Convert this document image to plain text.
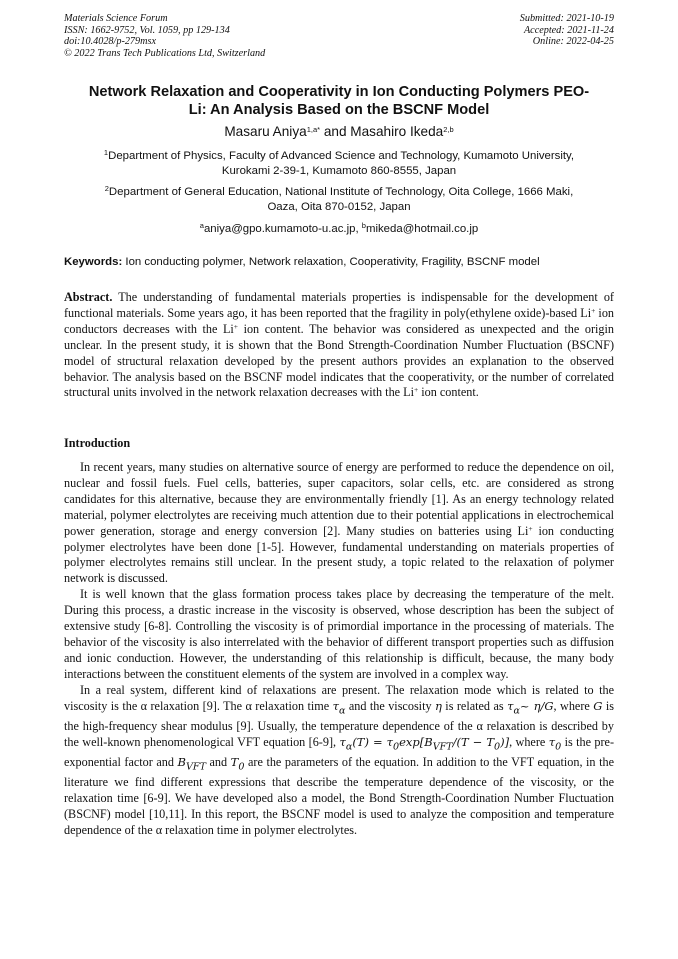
Materials Science Forum
ISSN: 1662-9752, Vol. 1059, pp 129-134
doi:10.4028/p-279msx
© 2022 Trans Tech Publications Ltd, Switzerland
Submitted: 2021-10-19
Accepted: 2021-11-24
Online: 2022-04-25
Network Relaxation and Cooperativity in Ion Conducting Polymers PEO-
Li: An Analysis Based on the BSCNF Model
Masaru Aniya$^{1,a*}$ and Masahiro Ikeda$^{2,b}$
$^1$Department of Physics, Faculty of Advanced Science and Technology, Kumamoto University,
Kurokami 2-39-1, Kumamoto 860-8555, Japan
$^2$Department of General Education, National Institute of Technology, Oita College, 1666 Maki,
Oaza, Oita 870-0152, Japan
$^a$aniya@gpo.kumamoto-u.ac.jp, $^b$mikeda@hotmail.co.jp
Keywords: Ion conducting polymer, Network relaxation, Cooperativity, Fragility, BSCNF model
Abstract. The understanding of fundamental materials properties is indispensable for the development of functional materials. Some years ago, it has been reported that the fragility in poly(ethylene oxide)-based Li+ ion conductors decreases with the Li+ ion content. The behavior was considered as unexpected and the origin unclear. In the present study, it is shown that the Bond Strength-Coordination Number Fluctuation (BSCNF) model of structural relaxation developed by the present authors provides an explanation to the observed behavior. The analysis based on the BSCNF model indicates that the cooperativity, or the number of correlated structural units involved in the network relaxation decreases with the Li+ ion content.
Introduction

In recent years, many studies on alternative source of energy are performed to reduce the dependence on oil, nuclear and fossil fuels. Fuel cells, batteries, super capacitors, solar cells, etc. are considered as strong candidates for this alternative, because they are environmentally friendly [1]. As an energy technology related material, polymer electrolytes are receiving much attention due to their potential applications in electrochemical power generation, storage and energy conversion [2]. Many studies on batteries using Li+ ion conducting polymer electrolytes have been done [1-5]. However, fundamental understanding on materials properties of polymer electrolytes remains still unclear. In the present study, a topic related to the relaxation of polymer network is discussed.

It is well known that the glass formation process takes place by decreasing the temperature of the melt. During this process, a drastic increase in the viscosity is observed, whose description has been the subject of extensive study [6-8]. Controlling the viscosity is of primordial importance in the processing of materials. The behavior of the viscosity is also interrelated with the behavior of different transport properties such as diffusion and ionic conduction. However, the understanding of this relationship is difficult, because, the many body interactions between the constituent elements of the system are involved in a complex way.

In a real system, different kind of relaxations are present. The relaxation mode which is related to the viscosity is the α relaxation [9]. The α relaxation time $\tau_\alpha$ and the viscosity η is related as $\tau_\alpha\sim$ η/G, where G is the high-frequency shear modulus [9]. Usually, the temperature dependence of the α relaxation is described by the well-known phenomenological VFT equation [6-9], $\tau_\alpha(T) = \tau_0\exp[B_{VFT}/(T - T_0)]$, where $\tau_0$ is the pre-exponential factor and $B_{VFT}$ and $T_0$ are the parameters of the equation. In addition to the VFT equation, in the literature we find different expressions that describe the temperature dependence of the viscosity, or the relaxation time [6-9]. We have developed also a model, the Bond Strength-Coordination Number Fluctuation (BSCNF) model [10,11]. In this report, the BSCNF model is used to analyze the composition and temperature dependence of the α relaxation time in polymer electrolytes.
